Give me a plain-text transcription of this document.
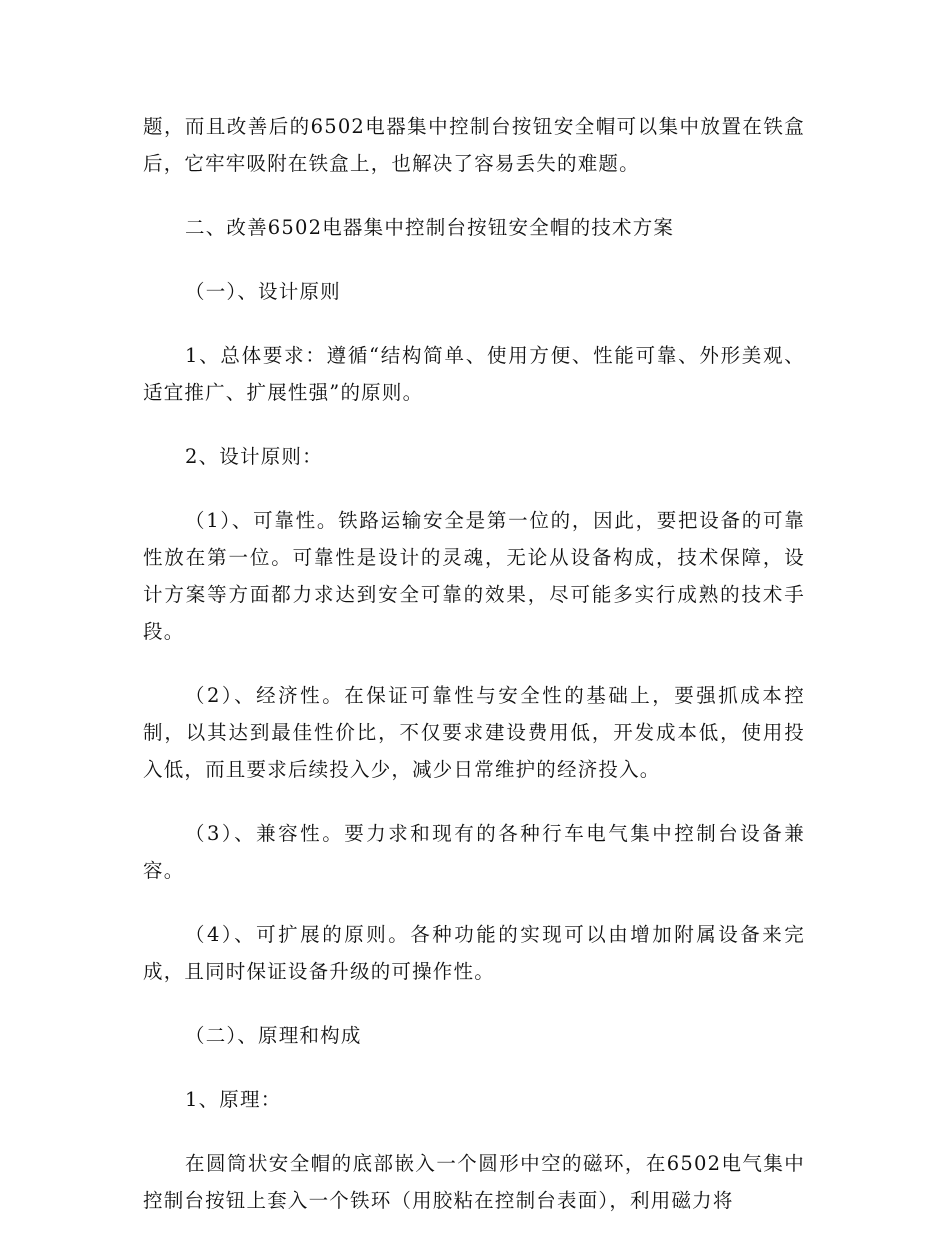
题，而且改善后的6502电器集中控制台按钮安全帽可以集中放置在铁盒后，它牢牢吸附在铁盒上，也解决了容易丢失的难题。

二、改善6502电器集中控制台按钮安全帽的技术方案

（一）、设计原则

1、总体要求：遵循“结构简单、使用方便、性能可靠、外形美观、适宜推广、扩展性强”的原则。

2、设计原则：

（1）、可靠性。铁路运输安全是第一位的，因此，要把设备的可靠性放在第一位。可靠性是设计的灵魂，无论从设备构成，技术保障，设计方案等方面都力求达到安全可靠的效果，尽可能多实行成熟的技术手段。

（2）、经济性。在保证可靠性与安全性的基础上，要强抓成本控制，以其达到最佳性价比，不仅要求建设费用低，开发成本低，使用投入低，而且要求后续投入少，减少日常维护的经济投入。

（3）、兼容性。要力求和现有的各种行车电气集中控制台设备兼容。

（4）、可扩展的原则。各种功能的实现可以由增加附属设备来完成，且同时保证设备升级的可操作性。

（二）、原理和构成

1、原理：

在圆筒状安全帽的底部嵌入一个圆形中空的磁环，在6502电气集中控制台按钮上套入一个铁环（用胶粘在控制台表面），利用磁力将
